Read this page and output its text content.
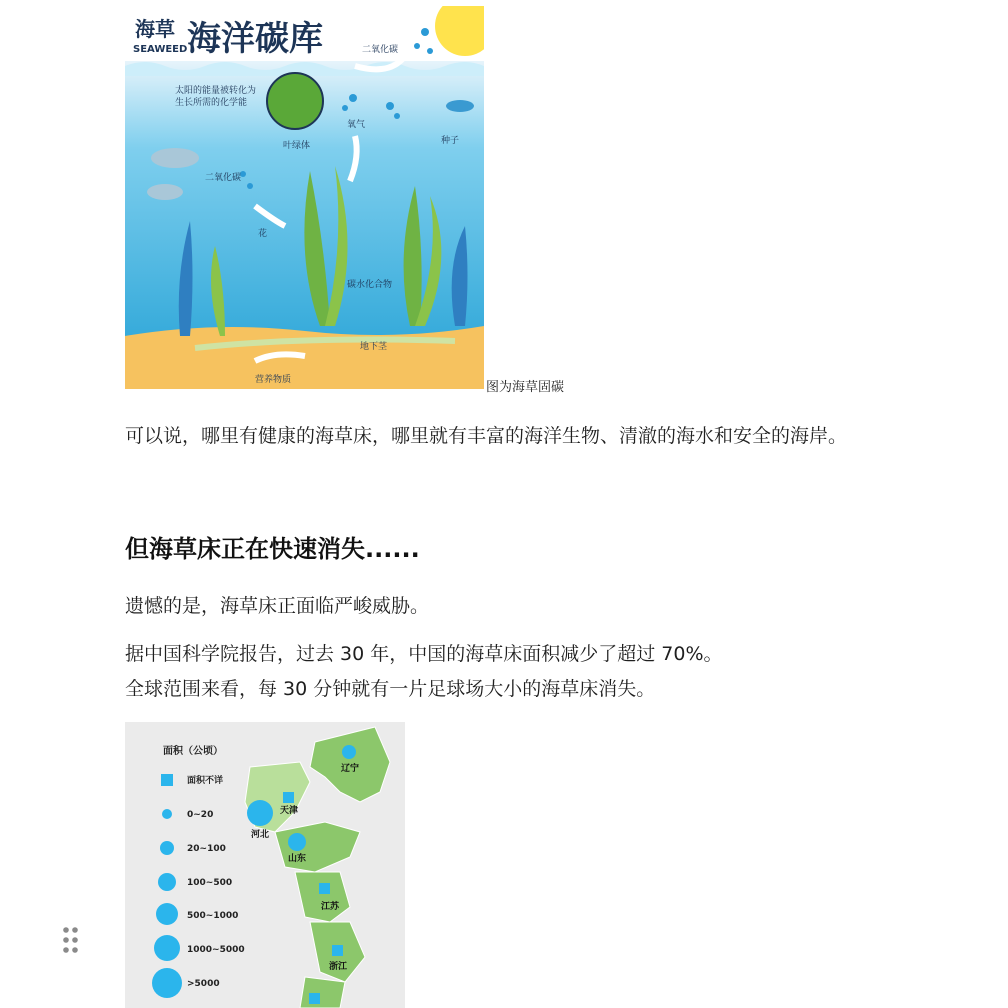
海草
SEAWEED 海洋碳库	二氧化碳
太阳的能量被转化为
生长所需的化学能
氧气
种子
叶绿体
二氧化碳
花
碳水化合物
地下茎
营养物质	图为海草固碳
可以说，哪里有健康的海草床，哪里就有丰富的海洋生物、清澈的海水和安全的海岸。
但海草床正在快速消失......
遗憾的是，海草床正面临严峻威胁。
据中国科学院报告，过去 30 年，中国的海草床面积减少了超过 70%。
全球范围来看，每 30 分钟就有一片足球场大小的海草床消失。
面积（公顷）
面积不详
0~20
20~100
100~500
500~1000
1000~5000
>5000
辽宁
天津
河北
山东
江苏
浙江
